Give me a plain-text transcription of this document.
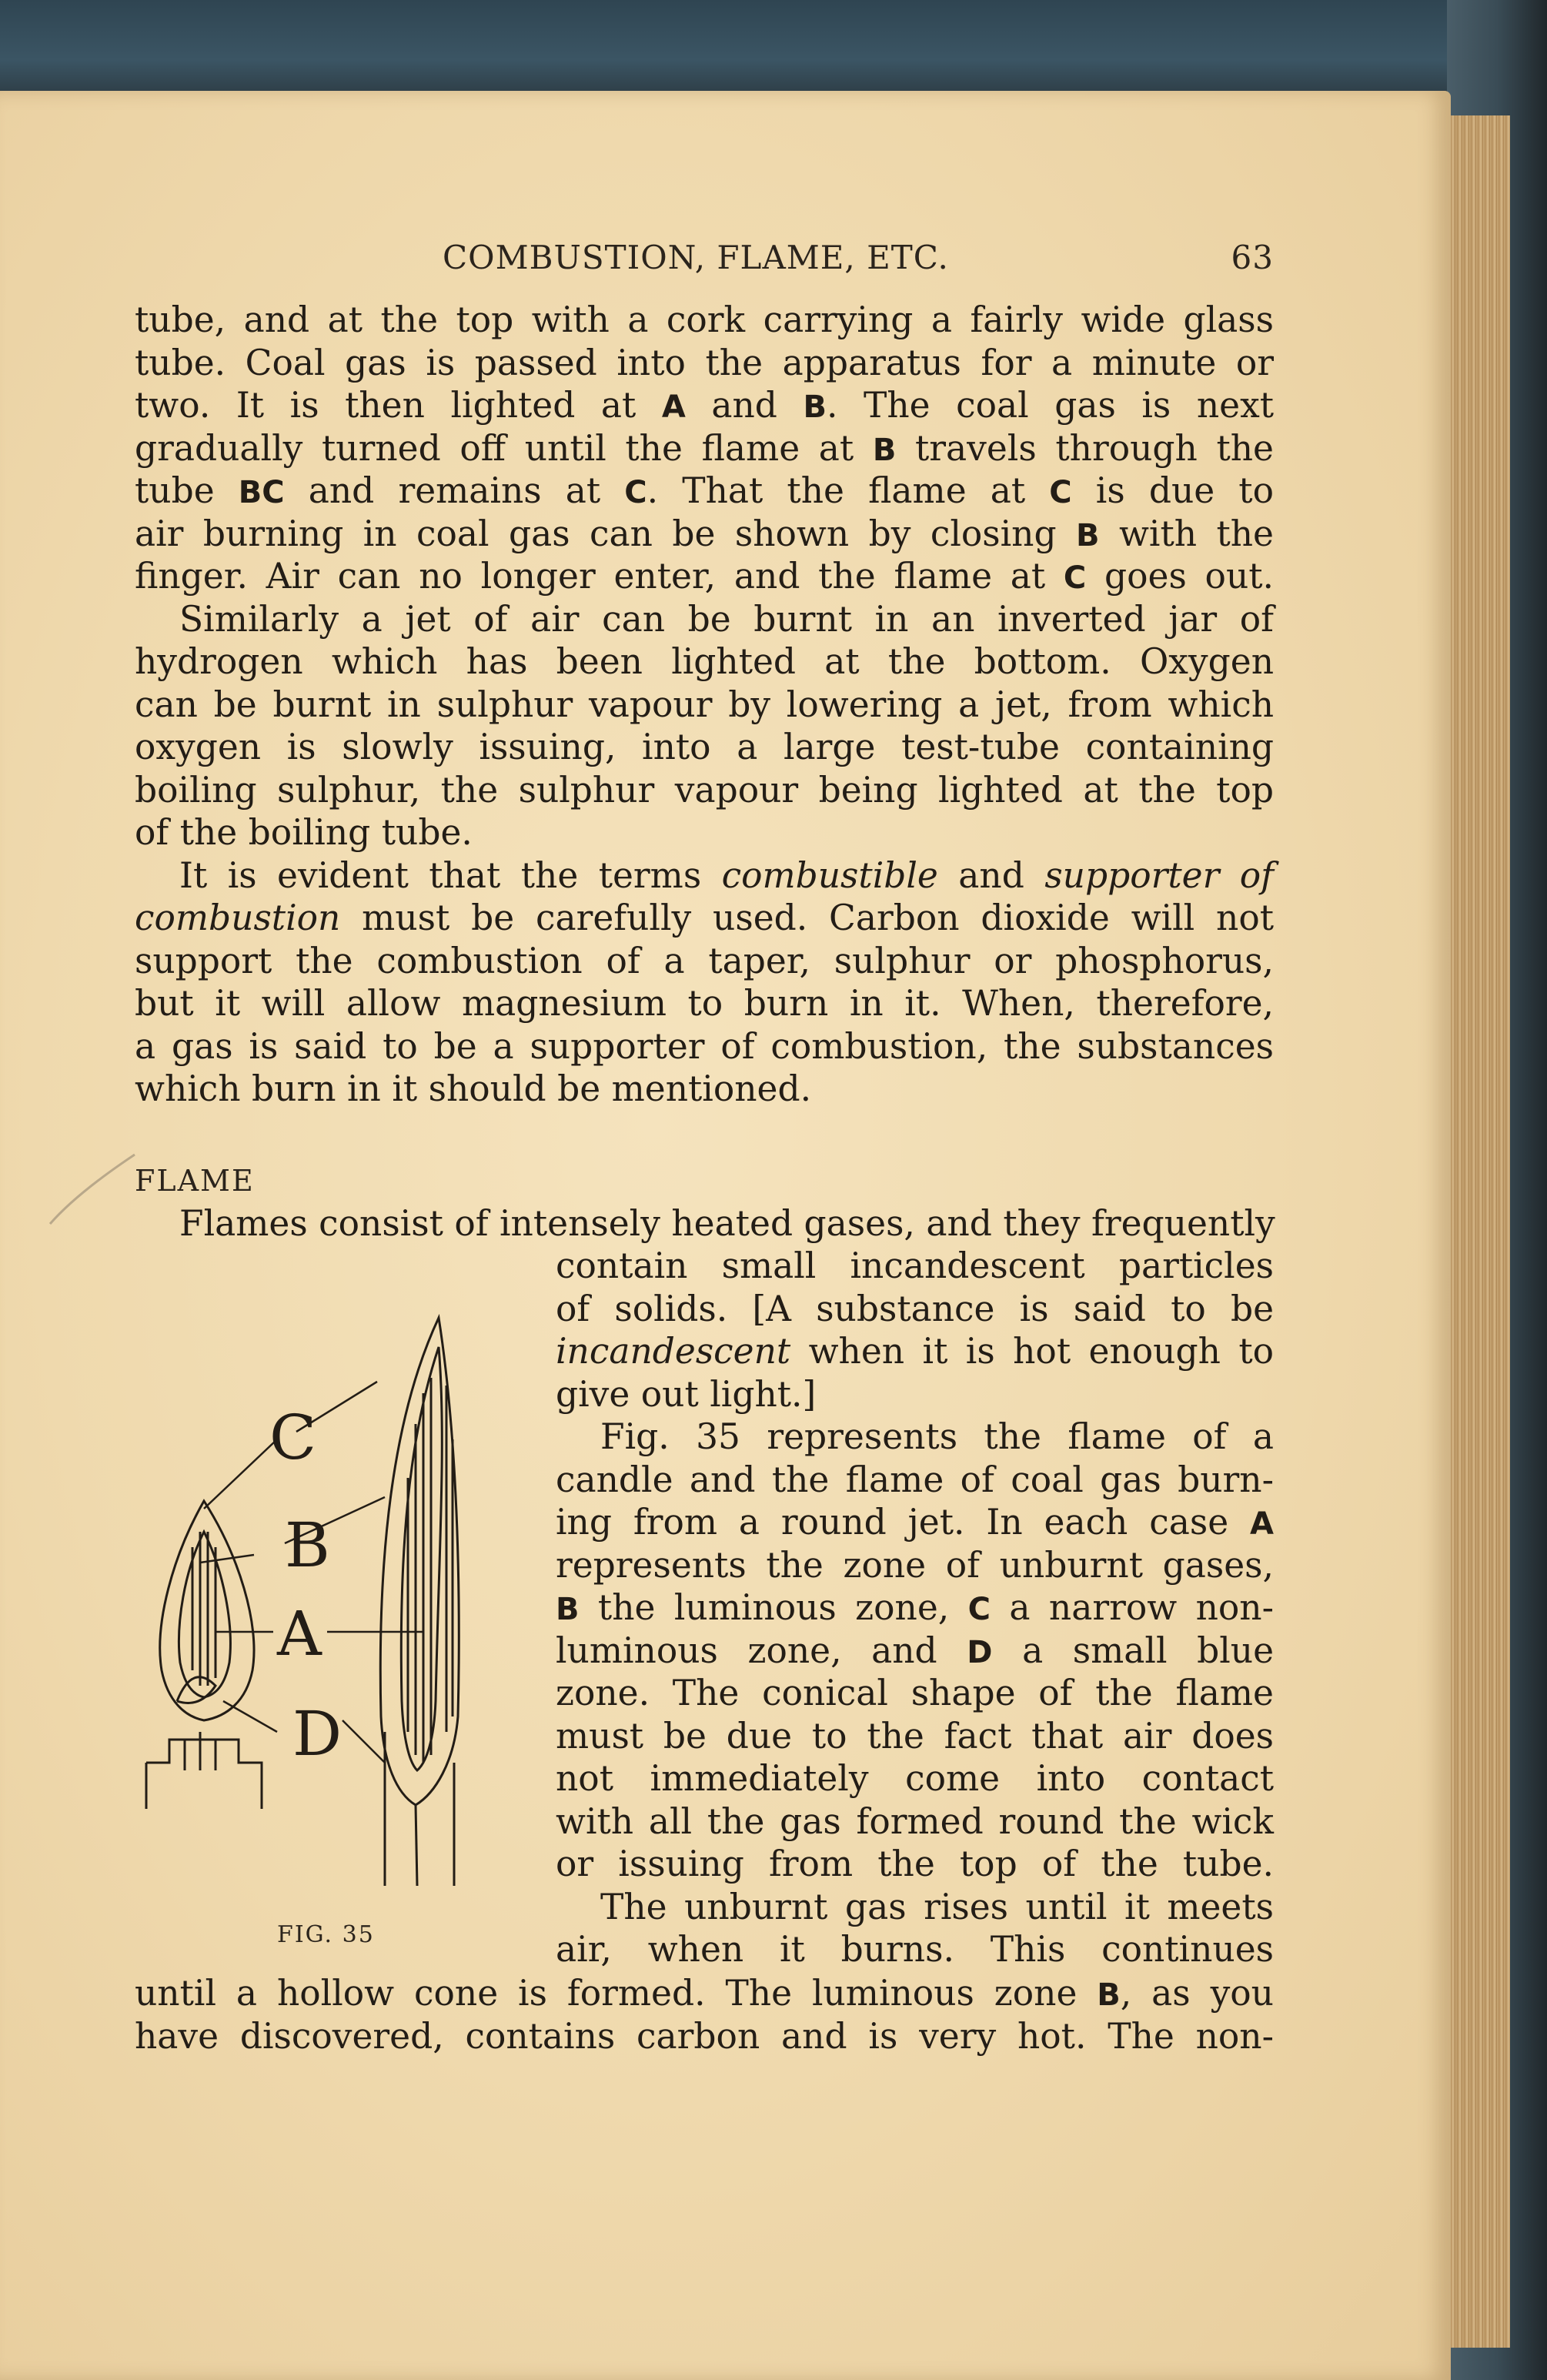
COMBUSTION, FLAME, ETC.	63
tube, and at the top with a cork carrying a fairly wide glass
tube. Coal gas is passed into the apparatus for a minute or
two. It is then lighted at A and B. The coal gas is next
gradually turned off until the flame at B travels through the
tube BC and remains at C. That the flame at C is due to
air burning in coal gas can be shown by closing B with the
finger. Air can no longer enter, and the flame at C goes out.
Similarly a jet of air can be burnt in an inverted jar of
hydrogen which has been lighted at the bottom. Oxygen
can be burnt in sulphur vapour by lowering a jet, from which
oxygen is slowly issuing, into a large test-tube containing
boiling sulphur, the sulphur vapour being lighted at the top
of the boiling tube.
It is evident that the terms combustible and supporter of
combustion must be carefully used. Carbon dioxide will not
support the combustion of a taper, sulphur or phosphorus,
but it will allow magnesium to burn in it. When, therefore,
a gas is said to be a supporter of combustion, the substances
which burn in it should be mentioned.
FLAME
Flames consist of intensely heated gases, and they frequently
contain small incandescent particles
of solids. [A substance is said to be
incandescent when it is hot enough to
give out light.]
Fig. 35 represents the flame of a
candle and the flame of coal gas burn-
ing from a round jet. In each case A
represents the zone of unburnt gases,
B the luminous zone, C a narrow non-
luminous zone, and D a small blue
zone. The conical shape of the flame
must be due to the fact that air does
not immediately come into contact
with all the gas formed round the wick
or issuing from the top of the tube.
The unburnt gas rises until it meets
air, when it burns. This continues
until a hollow cone is formed. The luminous zone B, as you
have discovered, contains carbon and is very hot. The non-
C
B
A
D
FIG. 35
